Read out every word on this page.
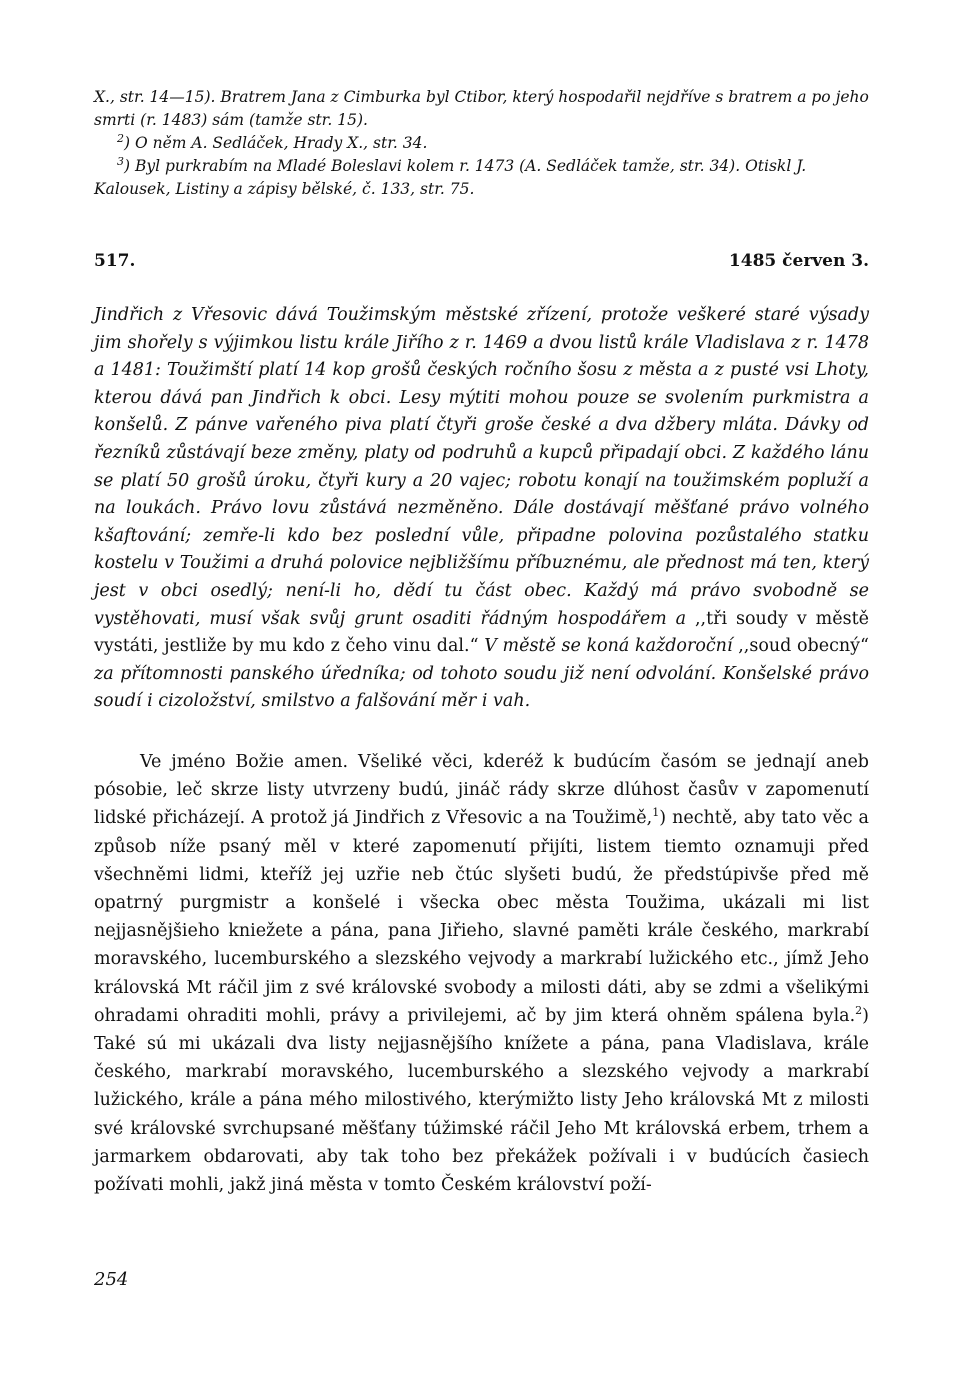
X., str. 14—15). Bratrem Jana z Cimburka byl Ctibor, který hospodařil nejdříve s bratrem a po jeho smrti (r. 1483) sám (tamže str. 15).

$^2$) O něm A. Sedláček, Hrady X., str. 34.

$^3$) Byl purkrabím na Mladé Boleslavi kolem r. 1473 (A. Sedláček tamže, str. 34). Otiskl J. Kalousek, Listiny a zápisy bělské, č. 133, str. 75.

517.	1485 červen 3.
Jindřich z Vřesovic dává Toužimským městské zřízení, protože veškeré staré výsady jim shořely s výjimkou listu krále Jiřího z r. 1469 a dvou listů krále Vladislava z r. 1478 a 1481: Toužimští platí 14 kop grošů českých ročního šosu z města a z pusté vsi Lhoty, kterou dává pan Jindřich k obci. Lesy mýtiti mohou pouze se svolením purkmistra a konšelů. Z pánve vařeného piva platí čtyři groše české a dva džbery mláta. Dávky od řezníků zůstávají beze změny, platy od podruhů a kupců připadají obci. Z každého lánu se platí 50 grošů úroku, čtyři kury a 20 vajec; robotu konají na toužimském popluží a na loukách. Právo lovu zůstává nezměněno. Dále dostávají měšťané právo volného kšaftování; zemře-li kdo bez poslední vůle, připadne polovina pozůstalého statku kostelu v Toužimi a druhá polovice nejbližšímu příbuznému, ale přednost má ten, který jest v obci osedlý; není-li ho, dědí tu část obec. Každý má právo svobodně se vystěhovati, musí však svůj grunt osaditi řádným hospodářem a ,,tři soudy v městě vystáti, jestliže by mu kdo z čeho vinu dal.“ V městě se koná každoroční ,,soud obecný“ za přítomnosti panského úředníka; od tohoto soudu již není odvolání. Konšelské právo soudí i cizoložství, smilstvo a falšování měr i vah.
Ve jméno Božie amen. Všeliké věci, kderéž k budúcím časóm se jednají aneb pósobie, leč skrze listy utvrzeny budú, jináč rády skrze dlúhost časův v zapomenutí lidské přicházejí. A protož já Jindřich z Vřesovic a na Toužimě,$^1$) nechtě, aby tato věc a způsob níže psaný měl v které zapomenutí přijíti, listem tiemto oznamuji před všechněmi lidmi, kteříž jej uzřie neb čtúc slyšeti budú, že předstúpivše před mě opatrný purgmistr a konšelé i všecka obec města Toužima, ukázali mi list nejjasnějšieho kniežete a pána, pana Jiřieho, slavné paměti krále českého, markrabí moravského, lucemburského a slezského vejvody a markrabí lužického etc., jímž Jeho královská Mt ráčil jim z své královské svobody a milosti dáti, aby se zdmi a všelikými ohradami ohraditi mohli, právy a privilejemi, ač by jim která ohněm spálena byla.$^2$) Také sú mi ukázali dva listy nejjasnějšího knížete a pána, pana Vladislava, krále českého, markrabí moravského, lucemburského a slezského vejvody a markrabí lužického, krále a pána mého milostivého, kterýmižto listy Jeho královská Mt z milosti své královské svrchupsané měšťany túžimské ráčil Jeho Mt královská erbem, trhem a jarmarkem obdarovati, aby tak toho bez překážek požívali i v budúcích časiech požívati mohli, jakž jiná města v tomto Českém království poží-
254
